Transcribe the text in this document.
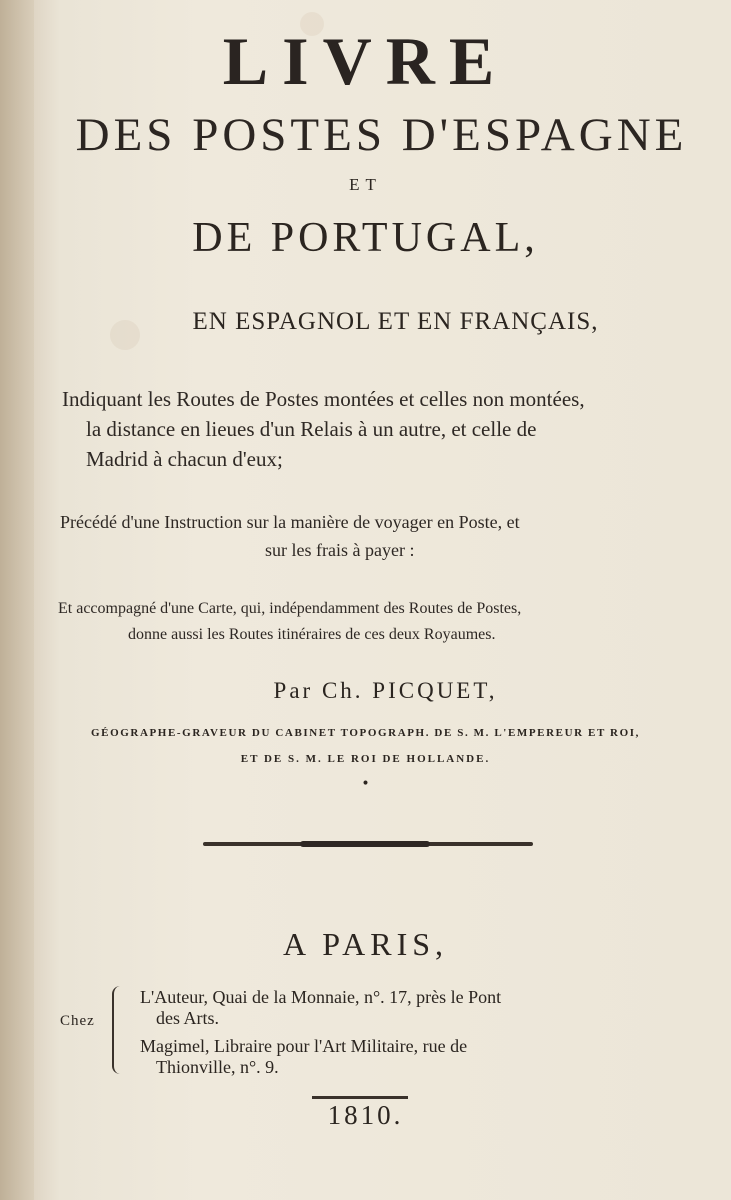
LIVRE
DES POSTES D'ESPAGNE
ET
DE PORTUGAL,
EN ESPAGNOL ET EN FRANÇAIS,
Indiquant les Routes de Postes montées et celles non montées,
la distance en lieues d'un Relais à un autre, et celle de
Madrid à chacun d'eux;
Précédé d'une Instruction sur la manière de voyager en Poste, et
sur les frais à payer :
Et accompagné d'une Carte, qui, indépendamment des Routes de Postes,
donne aussi les Routes itinéraires de ces deux Royaumes.
Par Ch. PICQUET,
GÉOGRAPHE-GRAVEUR DU CABINET TOPOGRAPH. DE S. M. L'EMPEREUR ET ROI,
ET DE S. M. LE ROI DE HOLLANDE.
•
A PARIS,
Chez
L'Auteur, Quai de la Monnaie, n°. 17, près le Pont
des Arts.
Magimel, Libraire pour l'Art Militaire, rue de
Thionville, n°. 9.
1810.
